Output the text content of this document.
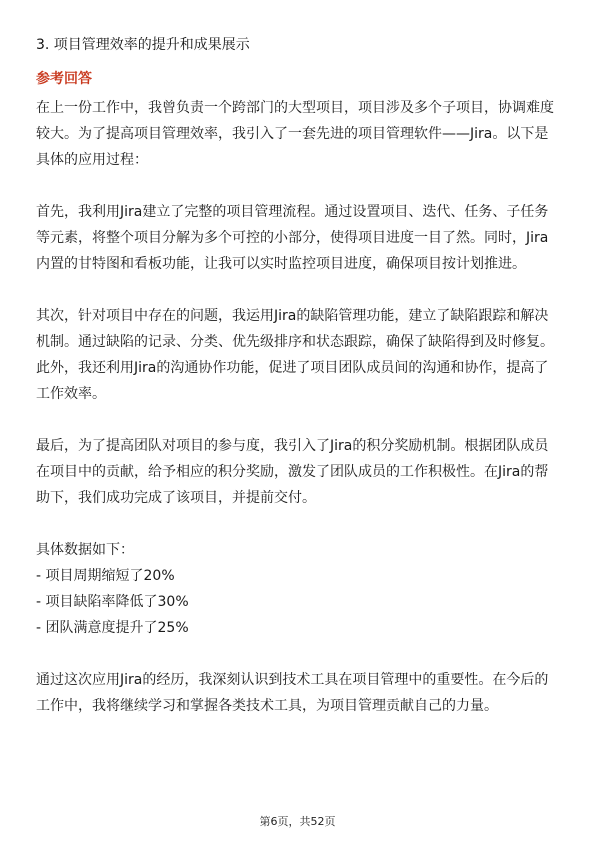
3. 项目管理效率的提升和成果展示
参考回答

在上一份工作中，我曾负责一个跨部门的大型项目，项目涉及多个子项目，协调难度较大。为了提高项目管理效率，我引入了一套先进的项目管理软件——Jira。以下是具体的应用过程：

首先，我利用Jira建立了完整的项目管理流程。通过设置项目、迭代、任务、子任务等元素，将整个项目分解为多个可控的小部分，使得项目进度一目了然。同时，Jira内置的甘特图和看板功能，让我可以实时监控项目进度，确保项目按计划推进。

其次，针对项目中存在的问题，我运用Jira的缺陷管理功能，建立了缺陷跟踪和解决机制。通过缺陷的记录、分类、优先级排序和状态跟踪，确保了缺陷得到及时修复。此外，我还利用Jira的沟通协作功能，促进了项目团队成员间的沟通和协作，提高了工作效率。

最后，为了提高团队对项目的参与度，我引入了Jira的积分奖励机制。根据团队成员在项目中的贡献，给予相应的积分奖励，激发了团队成员的工作积极性。在Jira的帮助下，我们成功完成了该项目，并提前交付。

具体数据如下：

- 项目周期缩短了20%
- 项目缺陷率降低了30%
- 团队满意度提升了25%

通过这次应用Jira的经历，我深刻认识到技术工具在项目管理中的重要性。在今后的工作中，我将继续学习和掌握各类技术工具，为项目管理贡献自己的力量。

第6页，共52页
